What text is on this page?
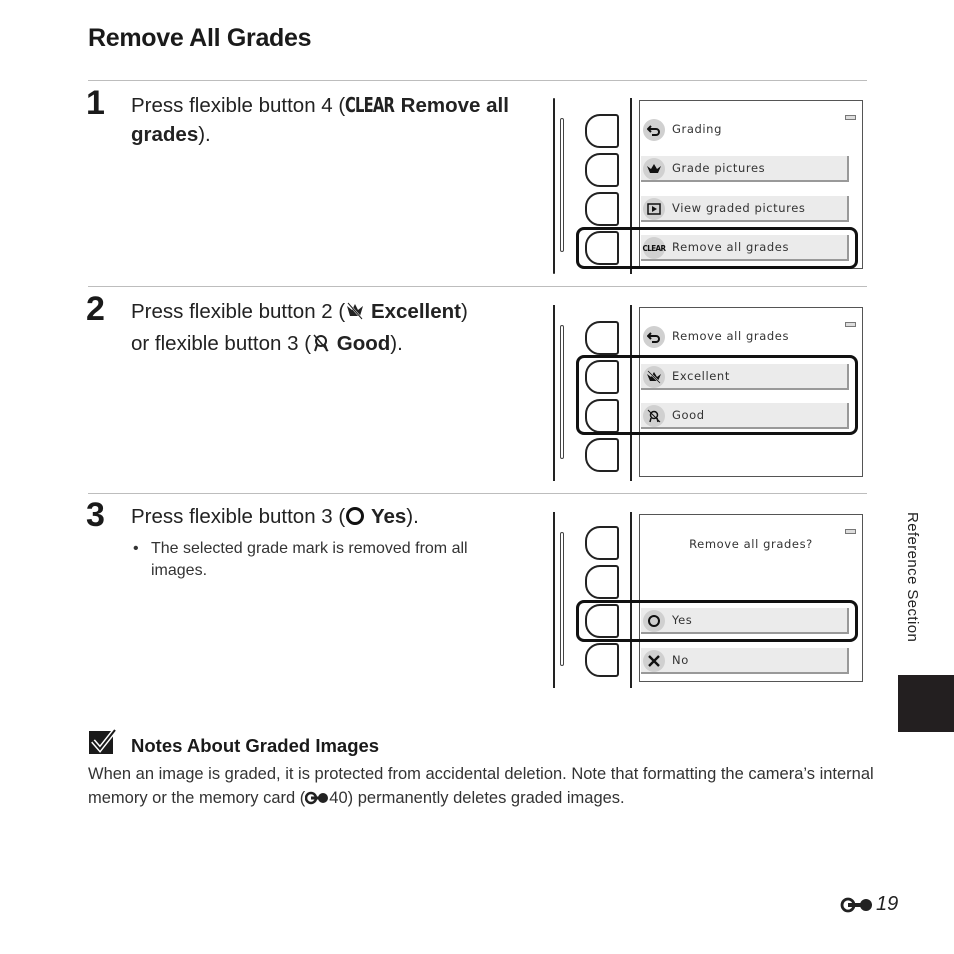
Remove All Grades
1 Press flexible button 4 (CLEAR Remove all grades).	Grading
Grade pictures
View graded pictures
CLEAR Remove all grades
2 Press flexible button 2 ( Excellent)
or flexible button 3 ( Good).	Remove all grades
Excellent
Good
3 Press flexible button 3 ( Yes).
• The selected grade mark is removed from all images.
Remove all grades?
Yes
No
Reference Section
Notes About Graded Images
When an image is graded, it is protected from accidental deletion. Note that formatting the camera’s internal memory or the memory card ( 40) permanently deletes graded images.
19
